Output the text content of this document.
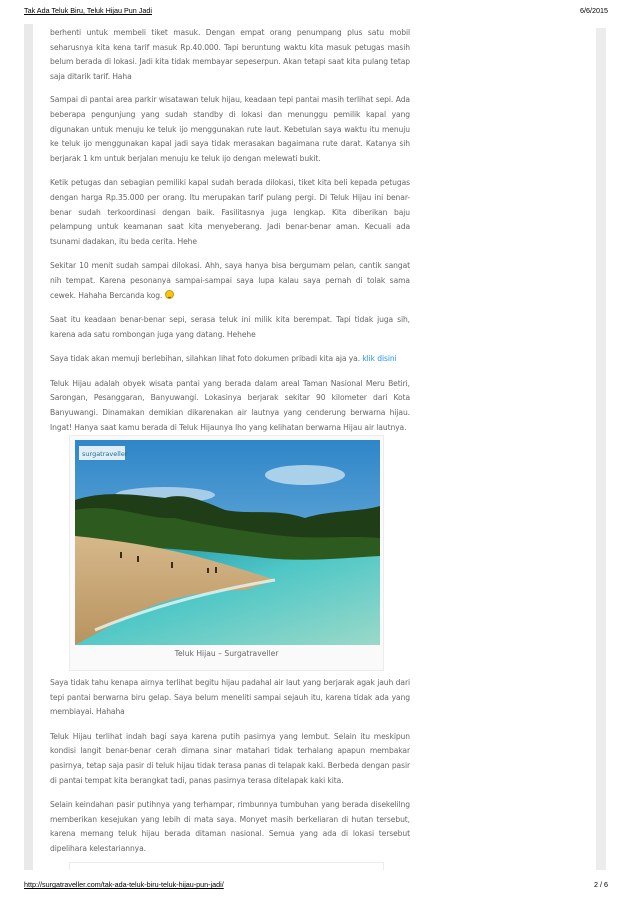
Tak Ada Teluk Biru, Teluk Hijau Pun Jadi	6/6/2015

berhenti untuk membeli tiket masuk. Dengan empat orang penumpang plus satu mobil seharusnya kita kena tarif masuk Rp.40.000. Tapi beruntung waktu kita masuk petugas masih belum berada di lokasi. Jadi kita tidak membayar sepeserpun. Akan tetapi saat kita pulang tetap saja ditarik tarif. Haha

Sampai di pantai area parkir wisatawan teluk hijau, keadaan tepi pantai masih terlihat sepi. Ada beberapa pengunjung yang sudah standby di lokasi dan menunggu pemilik kapal yang digunakan untuk menuju ke teluk ijo menggunakan rute laut. Kebetulan saya waktu itu menuju ke teluk ijo menggunakan kapal jadi saya tidak merasakan bagaimana rute darat. Katanya sih berjarak 1 km untuk berjalan menuju ke teluk ijo dengan melewati bukit.

Ketik petugas dan sebagian pemiliki kapal sudah berada dilokasi, tiket kita beli kepada petugas dengan harga Rp.35.000 per orang. Itu merupakan tarif pulang pergi. Di Teluk Hijau ini benar-benar sudah terkoordinasi dengan baik. Fasilitasnya juga lengkap. Kita diberikan baju pelampung untuk keamanan saat kita menyeberang. Jadi benar-benar aman. Kecuali ada tsunami dadakan, itu beda cerita. Hehe

Sekitar 10 menit sudah sampai dilokasi. Ahh, saya hanya bisa bergumam pelan, cantik sangat nih tempat. Karena pesonanya sampai-sampai saya lupa kalau saya pernah di tolak sama cewek. Hahaha Bercanda kog.

Saat itu keadaan benar-benar sepi, serasa teluk ini milik kita berempat. Tapi tidak juga sih, karena ada satu rombongan juga yang datang. Hehehe

Saya tidak akan memuji berlebihan, silahkan lihat foto dokumen pribadi kita aja ya. klik disini

Teluk Hijau adalah obyek wisata pantai yang berada dalam areal Taman Nasional Meru Betiri, Sarongan, Pesanggaran, Banyuwangi. Lokasinya berjarak sekitar 90 kilometer dari Kota Banyuwangi. Dinamakan demikian dikarenakan air lautnya yang cenderung berwarna hijau. Ingat! Hanya saat kamu berada di Teluk Hijaunya lho yang kelihatan berwarna Hijau air lautnya.

surgatraveller
Teluk Hijau – Surgatraveller

Saya tidak tahu kenapa airnya terlihat begitu hijau padahal air laut yang berjarak agak jauh dari tepi pantai berwarna biru gelap. Saya belum meneliti sampai sejauh itu, karena tidak ada yang membiayai. Hahaha

Teluk Hijau terlihat indah bagi saya karena putih pasirnya yang lembut. Selain itu meskipun kondisi langit benar-benar cerah dimana sinar matahari tidak terhalang apapun membakar pasirnya, tetap saja pasir di teluk hijau tidak terasa panas di telapak kaki. Berbeda dengan pasir di pantai tempat kita berangkat tadi, panas pasirnya terasa ditelapak kaki kita.

Selain keindahan pasir putihnya yang terhampar, rimbunnya tumbuhan yang berada disekelilng memberikan kesejukan yang lebih di mata saya. Monyet masih berkeliaran di hutan tersebut, karena memang teluk hijau berada ditaman nasional. Semua yang ada di lokasi tersebut dipelihara kelestariannya.

http://surgatraveller.com/tak-ada-teluk-biru-teluk-hijau-pun-jadi/	2 / 6
